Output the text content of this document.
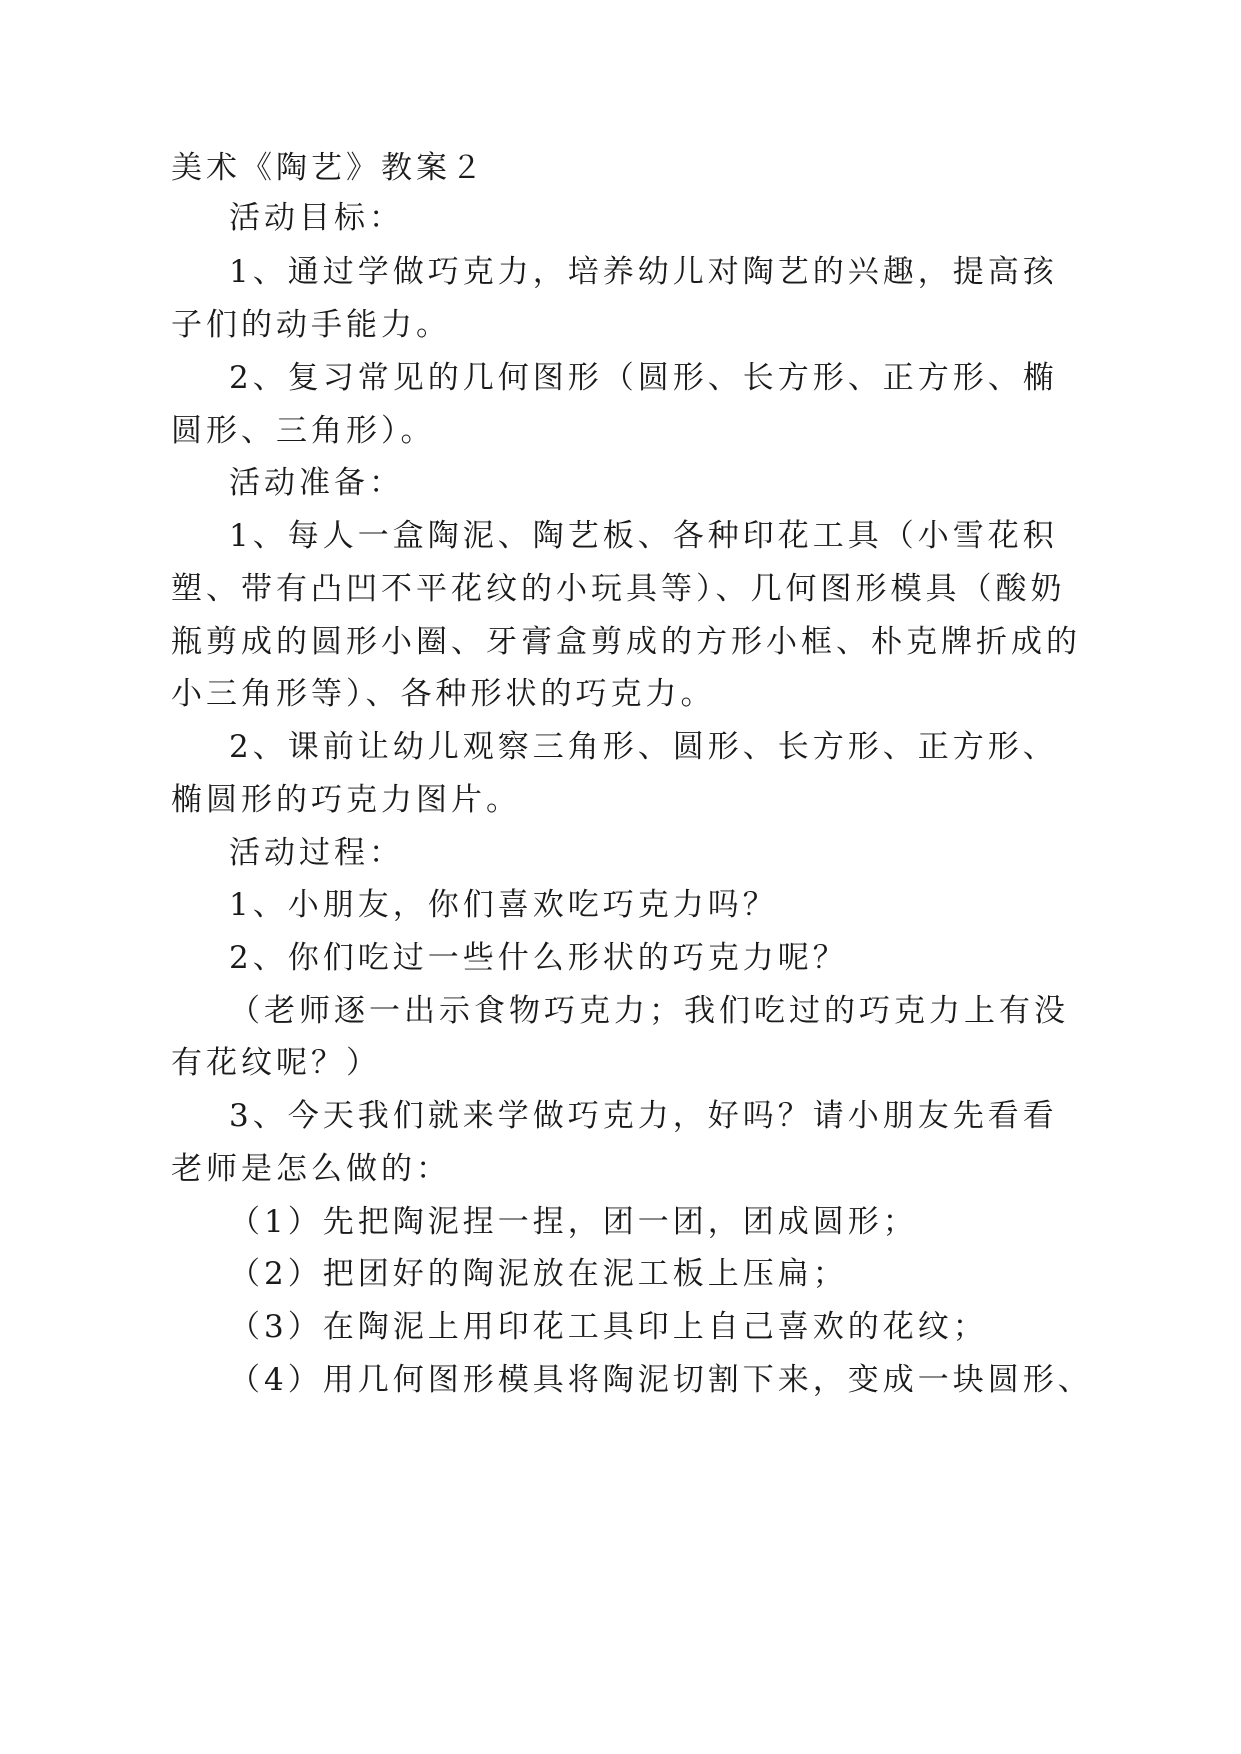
美术《陶艺》教案２
活动目标：
1、通过学做巧克力，培养幼儿对陶艺的兴趣，提高孩
子们的动手能力。
2、复习常见的几何图形（圆形、长方形、正方形、椭
圆形、三角形）。
活动准备：
1、每人一盒陶泥、陶艺板、各种印花工具（小雪花积
塑、带有凸凹不平花纹的小玩具等）、几何图形模具（酸奶
瓶剪成的圆形小圈、牙膏盒剪成的方形小框、朴克牌折成的
小三角形等）、各种形状的巧克力。
2、课前让幼儿观察三角形、圆形、长方形、正方形、
椭圆形的巧克力图片。
活动过程：
1、小朋友，你们喜欢吃巧克力吗？
2、你们吃过一些什么形状的巧克力呢？
（老师逐一出示食物巧克力；我们吃过的巧克力上有没
有花纹呢？）
3、今天我们就来学做巧克力，好吗？请小朋友先看看
老师是怎么做的：
（1）先把陶泥捏一捏，团一团，团成圆形；
（2）把团好的陶泥放在泥工板上压扁；
（3）在陶泥上用印花工具印上自己喜欢的花纹；
（4）用几何图形模具将陶泥切割下来，变成一块圆形、
